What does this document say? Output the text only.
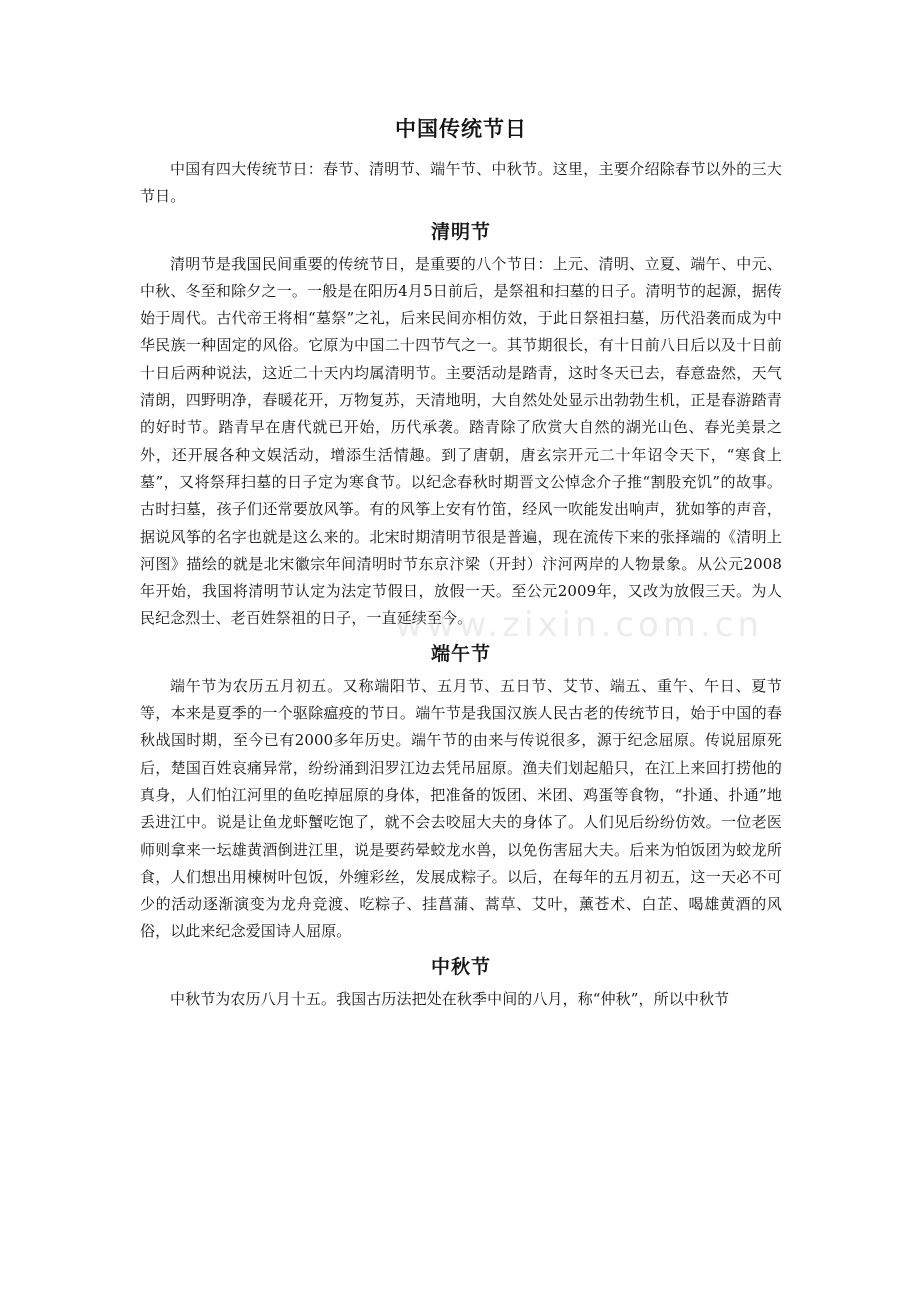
中国传统节日

中国有四大传统节日：春节、清明节、端午节、中秋节。这里，主要介绍除春节以外的三大节日。

清明节

清明节是我国民间重要的传统节日，是重要的八个节日：上元、清明、立夏、端午、中元、中秋、冬至和除夕之一。一般是在阳历4月5日前后，是祭祖和扫墓的日子。清明节的起源，据传始于周代。古代帝王将相“墓祭”之礼，后来民间亦相仿效，于此日祭祖扫墓，历代沿袭而成为中华民族一种固定的风俗。它原为中国二十四节气之一。其节期很长，有十日前八日后以及十日前十日后两种说法，这近二十天内均属清明节。主要活动是踏青，这时冬天已去，春意盎然，天气清朗，四野明净，春暖花开，万物复苏，天清地明，大自然处处显示出勃勃生机，正是春游踏青的好时节。踏青早在唐代就已开始，历代承袭。踏青除了欣赏大自然的湖光山色、春光美景之外，还开展各种文娱活动，增添生活情趣。到了唐朝，唐玄宗开元二十年诏令天下，“寒食上墓”，又将祭拜扫墓的日子定为寒食节。以纪念春秋时期晋文公悼念介子推“割股充饥”的故事。古时扫墓，孩子们还常要放风筝。有的风筝上安有竹笛，经风一吹能发出响声，犹如筝的声音，据说风筝的名字也就是这么来的。北宋时期清明节很是普遍，现在流传下来的张择端的《清明上河图》描绘的就是北宋徽宗年间清明时节东京汴梁（开封）汴河两岸的人物景象。从公元2008年开始，我国将清明节认定为法定节假日，放假一天。至公元2009年，又改为放假三天。为人民纪念烈士、老百姓祭祖的日子，一直延续至今。

端午节

端午节为农历五月初五。又称端阳节、五月节、五日节、艾节、端五、重午、午日、夏节等，本来是夏季的一个驱除瘟疫的节日。端午节是我国汉族人民古老的传统节日，始于中国的春秋战国时期，至今已有2000多年历史。端午节的由来与传说很多，源于纪念屈原。传说屈原死后，楚国百姓哀痛异常，纷纷涌到汨罗江边去凭吊屈原。渔夫们划起船只，在江上来回打捞他的真身，人们怕江河里的鱼吃掉屈原的身体，把准备的饭团、米团、鸡蛋等食物，“扑通、扑通”地丢进江中。说是让鱼龙虾蟹吃饱了，就不会去咬屈大夫的身体了。人们见后纷纷仿效。一位老医师则拿来一坛雄黄酒倒进江里，说是要药晕蛟龙水兽，以免伤害屈大夫。后来为怕饭团为蛟龙所食，人们想出用楝树叶包饭，外缠彩丝，发展成粽子。以后，在每年的五月初五，这一天必不可少的活动逐渐演变为龙舟竞渡、吃粽子、挂菖蒲、蒿草、艾叶，薰苍术、白芷、喝雄黄酒的风俗，以此来纪念爱国诗人屈原。

中秋节

中秋节为农历八月十五。我国古历法把处在秋季中间的八月，称“仲秋”，所以中秋节

www.zixin.com.cn
